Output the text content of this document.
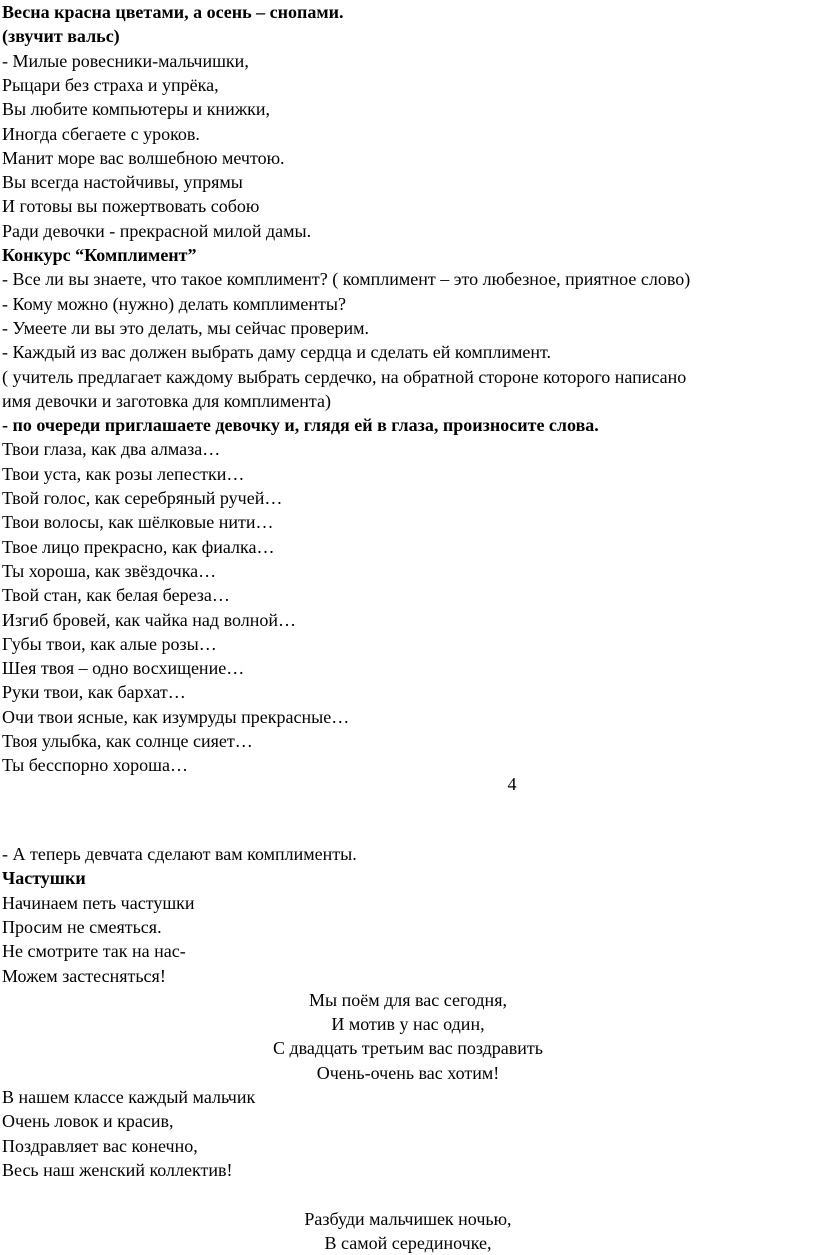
Весна красна цветами, а осень – снопами.

(звучит вальс)

- Милые ровесники-мальчишки,

Рыцари без страха и упрёка,

Вы любите компьютеры и книжки,

Иногда сбегаете с уроков.

Манит море вас волшебною мечтою.

Вы всегда настойчивы, упрямы

И готовы вы пожертвовать собою

Ради девочки - прекрасной милой дамы.

Конкурс “Комплимент”

- Все ли вы знаете, что такое комплимент? ( комплимент – это любезное, приятное слово)

- Кому можно (нужно) делать комплименты?

- Умеете ли вы это делать, мы сейчас проверим.

- Каждый из вас должен выбрать даму сердца и сделать ей комплимент.

( учитель предлагает каждому выбрать сердечко, на обратной стороне которого написано

имя девочки и заготовка для комплимента)

- по очереди приглашаете девочку и, глядя ей в глаза, произносите слова.

Твои глаза, как два алмаза…

Твои уста, как розы лепестки…

Твой голос, как серебряный ручей…

Твои волосы, как шёлковые нити…

Твое лицо прекрасно, как фиалка…

Ты хороша, как звёздочка…

Твой стан, как белая береза…

Изгиб бровей, как чайка над волной…

Губы твои, как алые розы…

Шея твоя – одно восхищение…

Руки твои, как бархат…

Очи твои ясные, как изумруды прекрасные…

Твоя улыбка, как солнце сияет…

Ты бесспорно хороша…

4

- А теперь девчата сделают вам комплименты.

Частушки

Начинаем петь частушки

Просим не смеяться.

Не смотрите так на нас-

Можем застесняться!

Мы поём для вас сегодня,

И мотив у нас один,

С двадцать третьим вас поздравить

Очень-очень вас хотим!

В нашем классе каждый мальчик

Очень ловок и красив,

Поздравляет вас конечно,

Весь наш женский коллектив!

Разбуди мальчишек ночью,

В самой серединочке,
